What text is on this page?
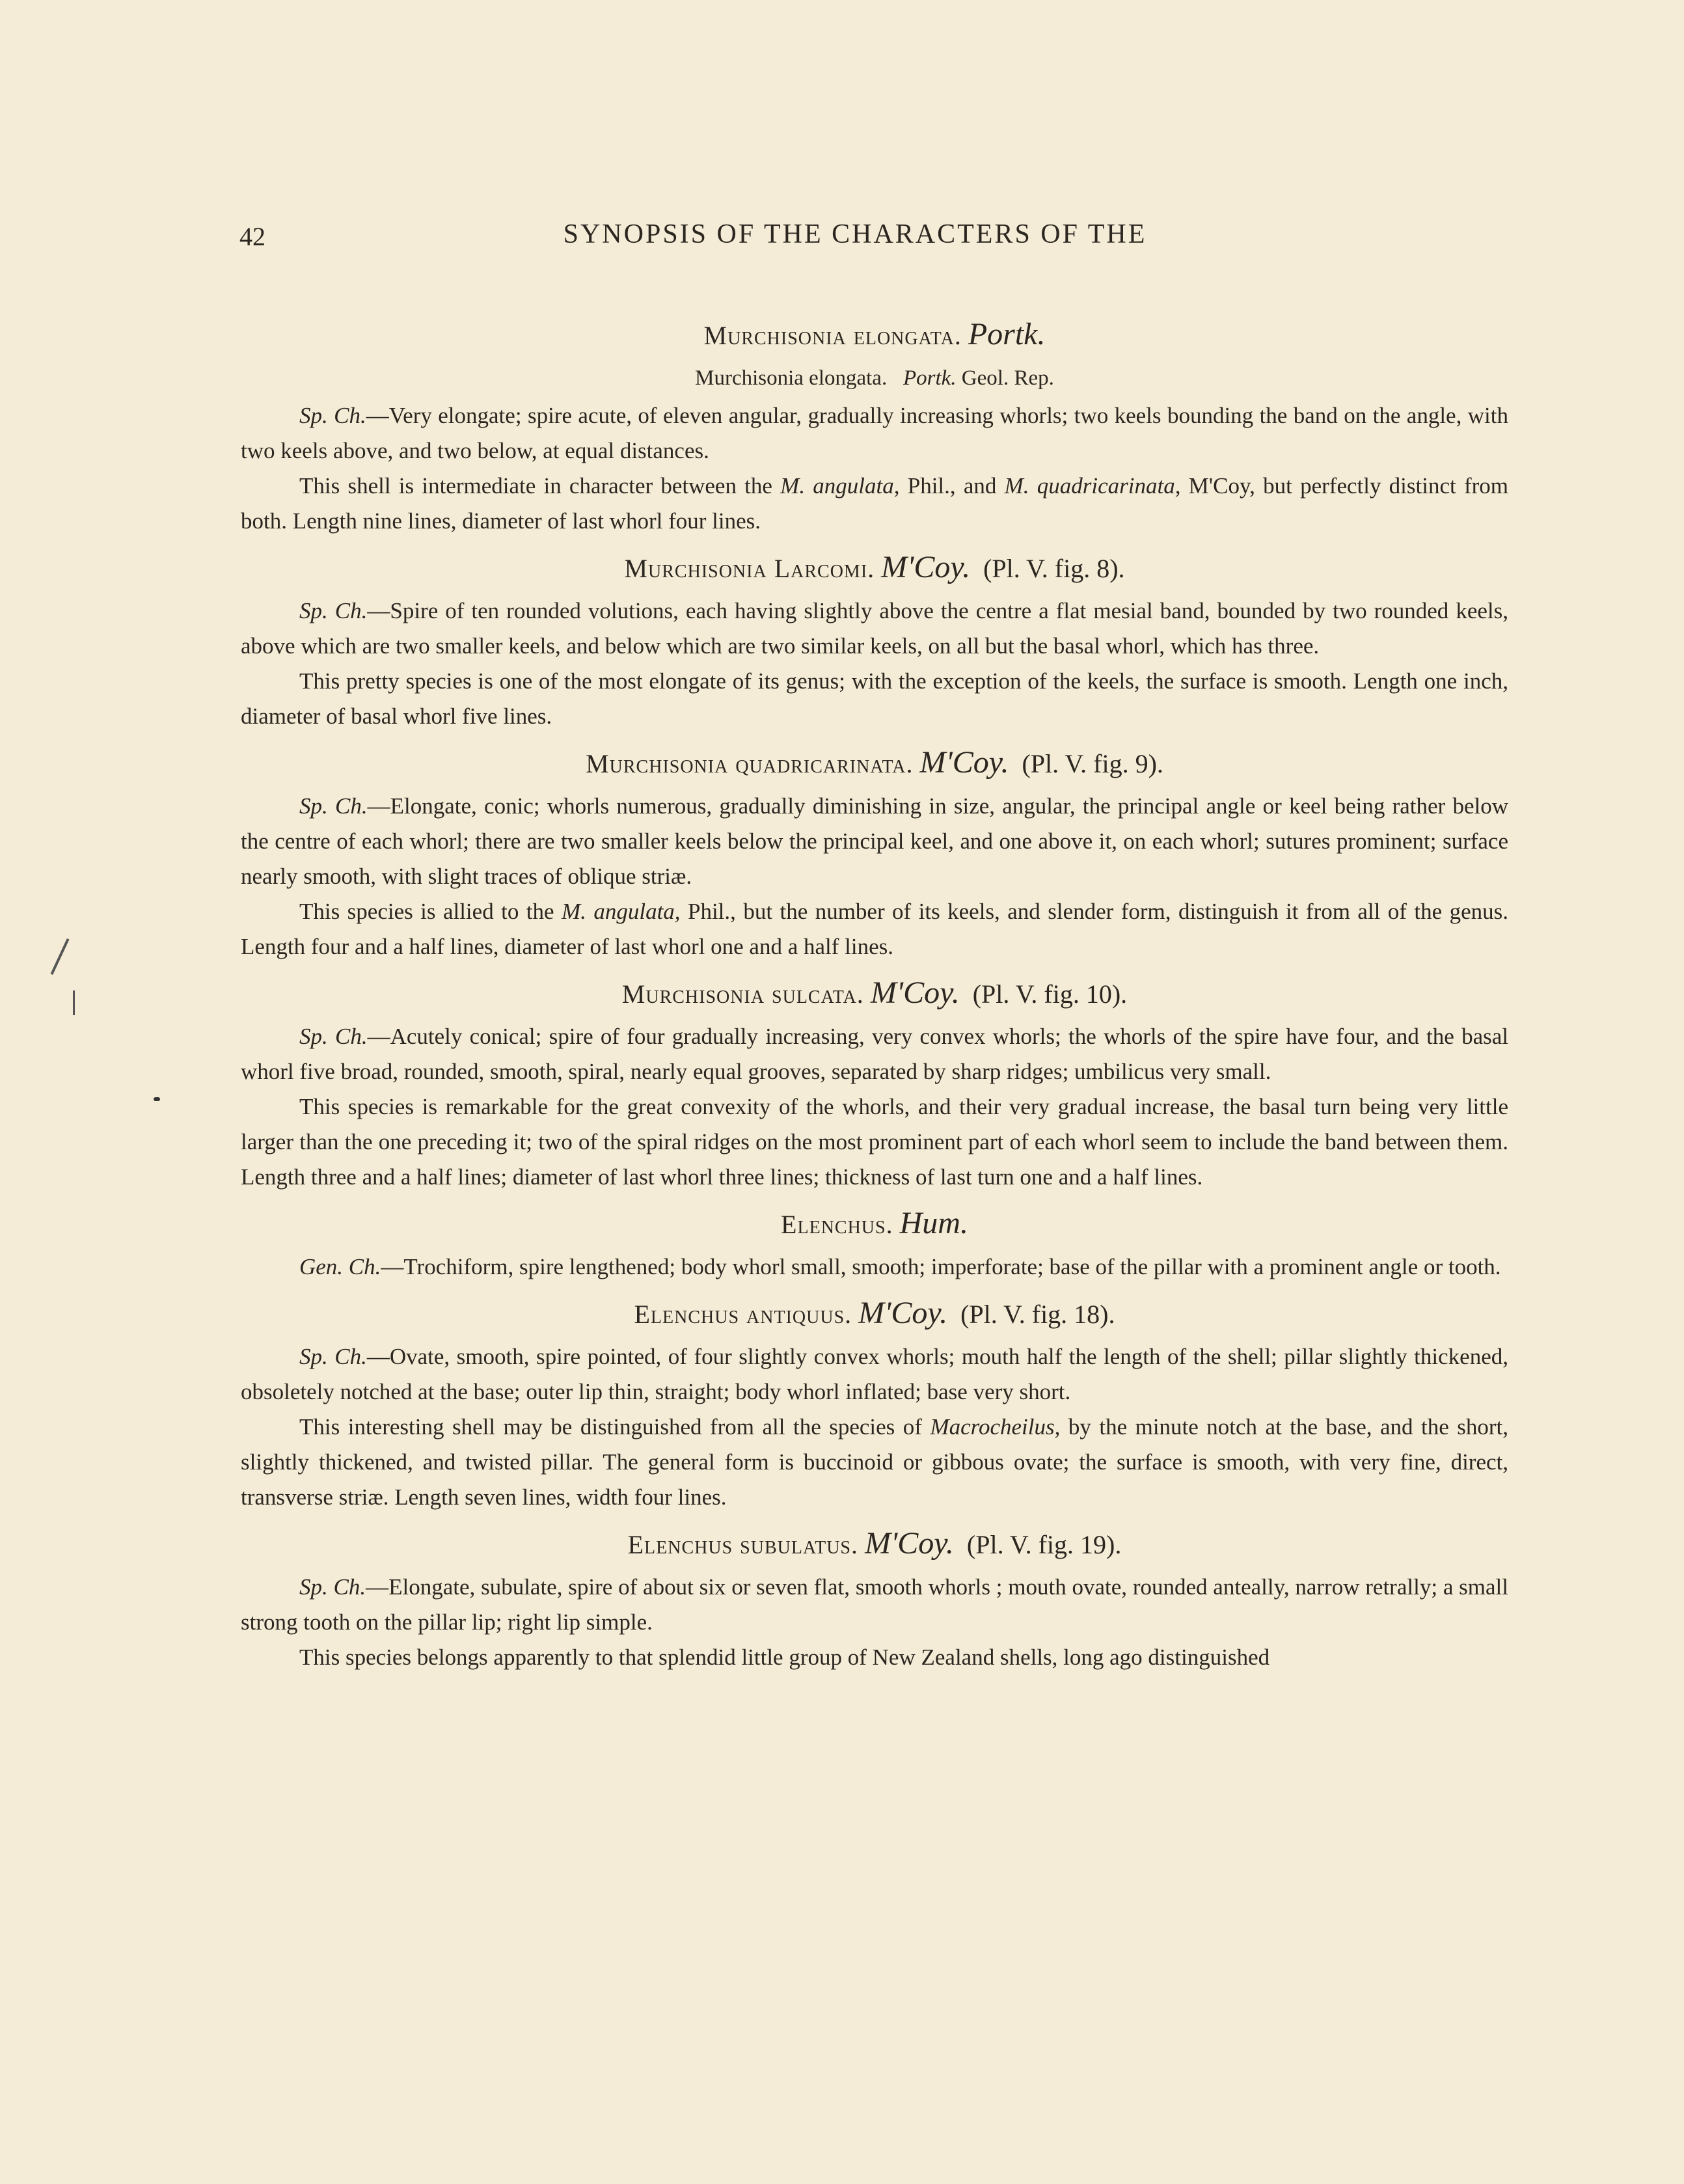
42	SYNOPSIS OF THE CHARACTERS OF THE
Murchisonia elongata. Portk.
Murchisonia elongata. Portk. Geol. Rep.

Sp. Ch.—Very elongate; spire acute, of eleven angular, gradually increasing whorls; two keels bounding the band on the angle, with two keels above, and two below, at equal distances.

This shell is intermediate in character between the M. angulata, Phil., and M. quadricarinata, M'Coy, but perfectly distinct from both. Length nine lines, diameter of last whorl four lines.

Murchisonia Larcomi. M'Coy. (Pl. V. fig. 8).

Sp. Ch.—Spire of ten rounded volutions, each having slightly above the centre a flat mesial band, bounded by two rounded keels, above which are two smaller keels, and below which are two similar keels, on all but the basal whorl, which has three.

This pretty species is one of the most elongate of its genus; with the exception of the keels, the surface is smooth. Length one inch, diameter of basal whorl five lines.

Murchisonia quadricarinata. M'Coy. (Pl. V. fig. 9).

Sp. Ch.—Elongate, conic; whorls numerous, gradually diminishing in size, angular, the principal angle or keel being rather below the centre of each whorl; there are two smaller keels below the principal keel, and one above it, on each whorl; sutures prominent; surface nearly smooth, with slight traces of oblique striæ.

This species is allied to the M. angulata, Phil., but the number of its keels, and slender form, distinguish it from all of the genus. Length four and a half lines, diameter of last whorl one and a half lines.

Murchisonia sulcata. M'Coy. (Pl. V. fig. 10).

Sp. Ch.—Acutely conical; spire of four gradually increasing, very convex whorls; the whorls of the spire have four, and the basal whorl five broad, rounded, smooth, spiral, nearly equal grooves, separated by sharp ridges; umbilicus very small.

This species is remarkable for the great convexity of the whorls, and their very gradual increase, the basal turn being very little larger than the one preceding it; two of the spiral ridges on the most prominent part of each whorl seem to include the band between them. Length three and a half lines; diameter of last whorl three lines; thickness of last turn one and a half lines.

Elenchus. Hum.

Gen. Ch.—Trochiform, spire lengthened; body whorl small, smooth; imperforate; base of the pillar with a prominent angle or tooth.

Elenchus antiquus. M'Coy. (Pl. V. fig. 18).

Sp. Ch.—Ovate, smooth, spire pointed, of four slightly convex whorls; mouth half the length of the shell; pillar slightly thickened, obsoletely notched at the base; outer lip thin, straight; body whorl inflated; base very short.

This interesting shell may be distinguished from all the species of Macrocheilus, by the minute notch at the base, and the short, slightly thickened, and twisted pillar. The general form is buccinoid or gibbous ovate; the surface is smooth, with very fine, direct, transverse striæ. Length seven lines, width four lines.

Elenchus subulatus. M'Coy. (Pl. V. fig. 19).

Sp. Ch.—Elongate, subulate, spire of about six or seven flat, smooth whorls ; mouth ovate, rounded anteally, narrow retrally; a small strong tooth on the pillar lip; right lip simple.

This species belongs apparently to that splendid little group of New Zealand shells, long ago distinguished
